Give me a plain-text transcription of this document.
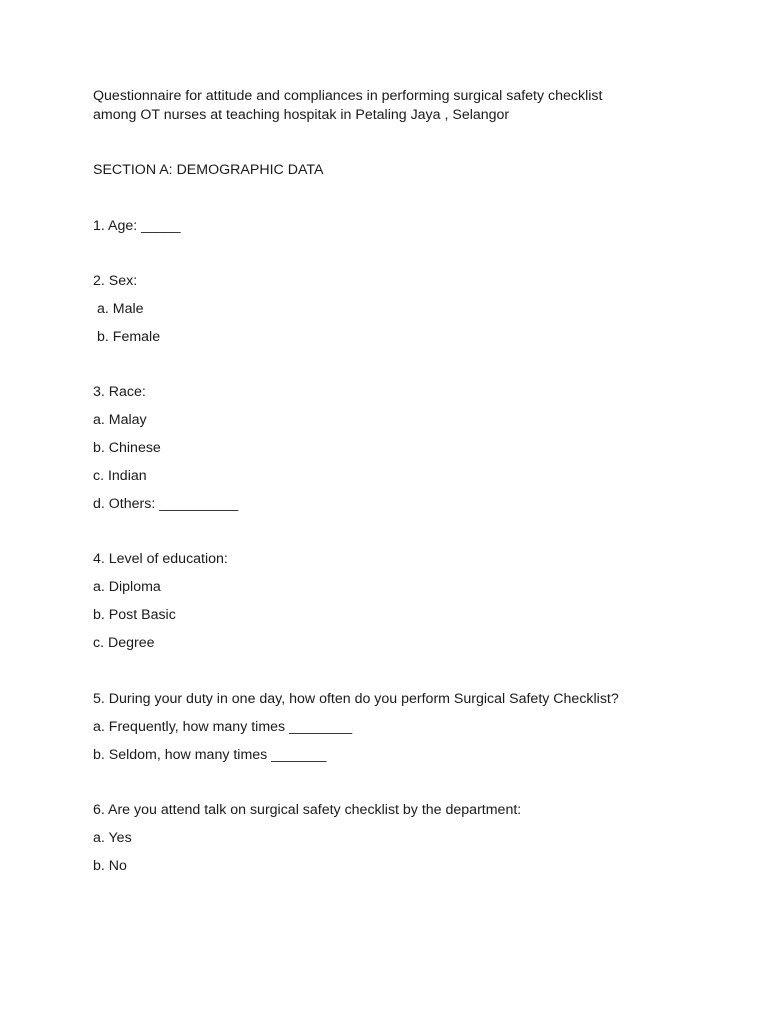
Questionnaire for attitude and compliances in performing surgical safety checklist
among OT nurses at teaching hospitak in Petaling Jaya , Selangor
SECTION A: DEMOGRAPHIC DATA
1. Age: _____
2. Sex:
a. Male
b. Female
3. Race:
a. Malay
b. Chinese
c. Indian
d. Others: __________
4. Level of education:
a. Diploma
b. Post Basic
c. Degree
5. During your duty in one day, how often do you perform Surgical Safety Checklist?
a. Frequently, how many times ________
b. Seldom, how many times _______
6. Are you attend talk on surgical safety checklist by the department:
a. Yes
b. No
